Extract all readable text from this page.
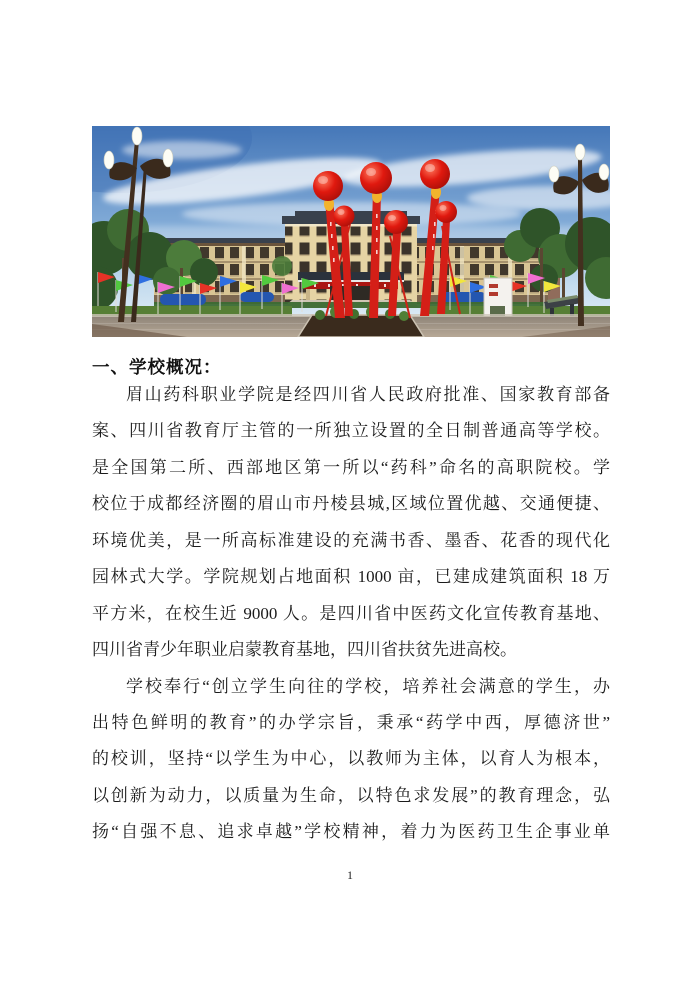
一、学校概况：

眉山药科职业学院是经四川省人民政府批准、国家教育部备

案、四川省教育厅主管的一所独立设置的全日制普通高等学校。

是全国第二所、西部地区第一所以“药科”命名的高职院校。学

校位于成都经济圈的眉山市丹棱县城,区域位置优越、交通便捷、

环境优美，是一所高标准建设的充满书香、墨香、花香的现代化

园林式大学。学院规划占地面积 1000 亩，已建成建筑面积 18 万

平方米，在校生近 9000 人。是四川省中医药文化宣传教育基地、

四川省青少年职业启蒙教育基地，四川省扶贫先进高校。

学校奉行“创立学生向往的学校，培养社会满意的学生，办

出特色鲜明的教育”的办学宗旨，秉承“药学中西，厚德济世”

的校训，坚持“以学生为中心，以教师为主体，以育人为根本，

以创新为动力，以质量为生命，以特色求发展”的教育理念，弘

扬“自强不息、追求卓越”学校精神，着力为医药卫生企事业单

1
